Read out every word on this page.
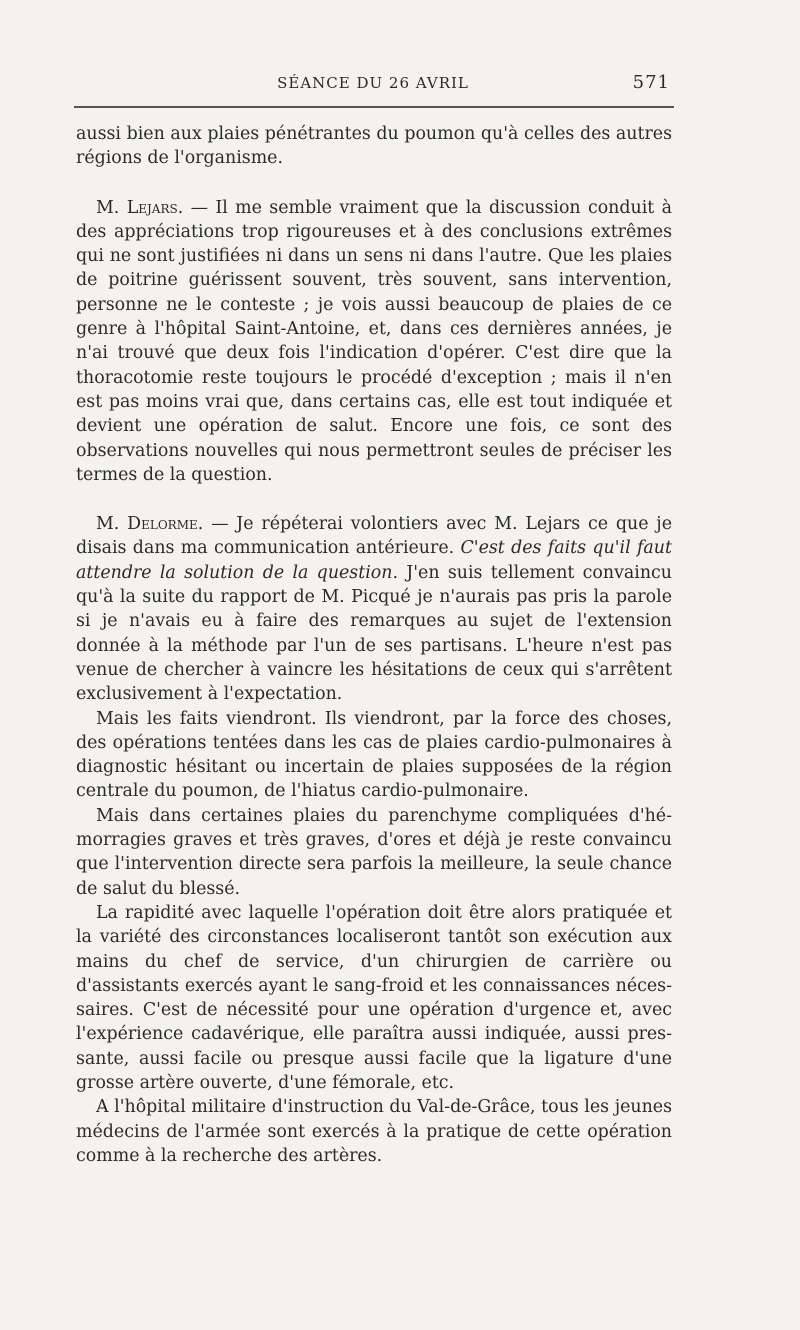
SÉANCE DU 26 AVRIL	571

aussi bien aux plaies pénétrantes du poumon qu'à celles des autres régions de l'organisme.

M. Lejars. — Il me semble vraiment que la discussion conduit à des appréciations trop rigoureuses et à des conclusions extrêmes qui ne sont justifiées ni dans un sens ni dans l'autre. Que les plaies de poitrine guérissent souvent, très souvent, sans intervention, personne ne le conteste ; je vois aussi beaucoup de plaies de ce genre à l'hôpital Saint-Antoine, et, dans ces dernières années, je n'ai trouvé que deux fois l'indication d'opérer. C'est dire que la thoracotomie reste toujours le procédé d'exception ; mais il n'en est pas moins vrai que, dans certains cas, elle est tout indiquée et devient une opération de salut. Encore une fois, ce sont des observations nouvelles qui nous permettront seules de préciser les termes de la question.

M. Delorme. — Je répéterai volontiers avec M. Lejars ce que je disais dans ma communication antérieure. C'est des faits qu'il faut attendre la solution de la question. J'en suis tellement convaincu qu'à la suite du rapport de M. Picqué je n'aurais pas pris la parole si je n'avais eu à faire des remarques au sujet de l'extension donnée à la méthode par l'un de ses partisans. L'heure n'est pas venue de chercher à vaincre les hésitations de ceux qui s'arrêtent exclusivement à l'expectation.

Mais les faits viendront. Ils viendront, par la force des choses, des opérations tentées dans les cas de plaies cardio-pulmonaires à diagnostic hésitant ou incertain de plaies supposées de la région centrale du poumon, de l'hiatus cardio-pulmonaire.

Mais dans certaines plaies du parenchyme compliquées d'hémorragies graves et très graves, d'ores et déjà je reste convaincu que l'intervention directe sera parfois la meilleure, la seule chance de salut du blessé.

La rapidité avec laquelle l'opération doit être alors pratiquée et la variété des circonstances localiseront tantôt son exécution aux mains du chef de service, d'un chirurgien de carrière ou d'assistants exercés ayant le sang-froid et les connaissances nécessaires. C'est de nécessité pour une opération d'urgence et, avec l'expérience cadavérique, elle paraîtra aussi indiquée, aussi pressante, aussi facile ou presque aussi facile que la ligature d'une grosse artère ouverte, d'une fémorale, etc.

A l'hôpital militaire d'instruction du Val-de-Grâce, tous les jeunes médecins de l'armée sont exercés à la pratique de cette opération comme à la recherche des artères.
